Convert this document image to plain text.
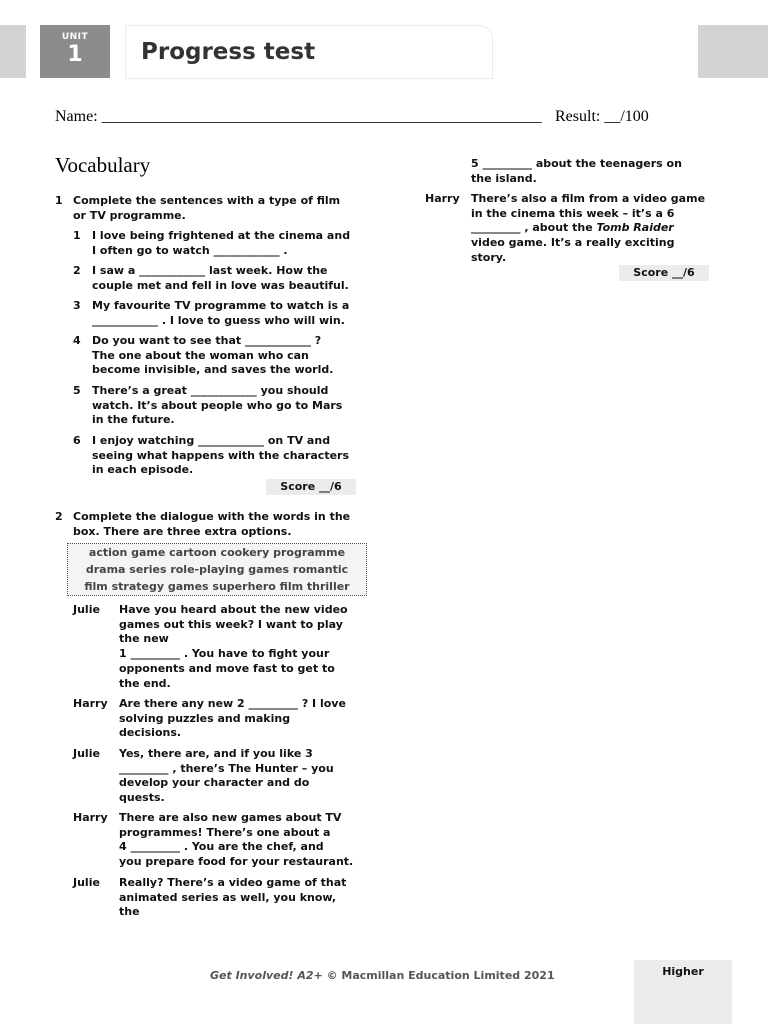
UNIT
1	Progress test
Name: _______________________________________________________ Result: __/100
Vocabulary
1 Complete the sentences with a type of film
or TV programme.
1 I love being frightened at the cinema and
I often go to watch ____________ .
2 I saw a ____________ last week. How the
couple met and fell in love was beautiful.
3 My favourite TV programme to watch is a
____________ . I love to guess who will win.
4 Do you want to see that ____________ ?
The one about the woman who can
become invisible, and saves the world.
5 There’s a great ____________ you should
watch. It’s about people who go to Mars
in the future.
6 I enjoy watching ____________ on TV and
seeing what happens with the characters
in each episode.
Score __/6
2 Complete the dialogue with the words in the
box. There are three extra options.
action game cartoon cookery programme
drama series role-playing games romantic
film strategy games superhero film thriller
Julie Have you heard about the new video
games out this week? I want to play
the new
1 _________ . You have to fight your
opponents and move fast to get to
the end.
Harry Are there any new 2 _________ ? I love
solving puzzles and making
decisions.
Julie Yes, there are, and if you like 3
_________ , there’s The Hunter – you
develop your character and do
quests.
Harry There are also new games about TV
programmes! There’s one about a
4 _________ . You are the chef, and
you prepare food for your restaurant.
Julie Really? There’s a video game of that
animated series as well, you know,
the
5 _________ about the teenagers on
the island.
Harry There’s also a film from a video game
in the cinema this week – it’s a 6
_________ , about the Tomb Raider
video game. It’s a really exciting
story.
Score __/6
Get Involved! A2+ © Macmillan Education Limited 2021	Higher
